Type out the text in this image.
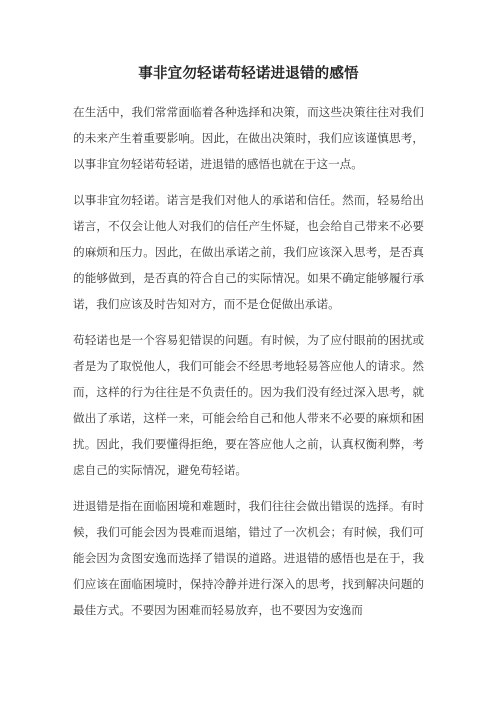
事非宜勿轻诺苟轻诺进退错的感悟

在生活中，我们常常面临着各种选择和决策，而这些决策往往对我们的未来产生着重要影响。因此，在做出决策时，我们应该谨慎思考，以事非宜勿轻诺苟轻诺，进退错的感悟也就在于这一点。

以事非宜勿轻诺。诺言是我们对他人的承诺和信任。然而，轻易给出诺言，不仅会让他人对我们的信任产生怀疑，也会给自己带来不必要的麻烦和压力。因此，在做出承诺之前，我们应该深入思考，是否真的能够做到，是否真的符合自己的实际情况。如果不确定能够履行承诺，我们应该及时告知对方，而不是仓促做出承诺。

苟轻诺也是一个容易犯错误的问题。有时候，为了应付眼前的困扰或者是为了取悦他人，我们可能会不经思考地轻易答应他人的请求。然而，这样的行为往往是不负责任的。因为我们没有经过深入思考，就做出了承诺，这样一来，可能会给自己和他人带来不必要的麻烦和困扰。因此，我们要懂得拒绝，要在答应他人之前，认真权衡利弊，考虑自己的实际情况，避免苟轻诺。

进退错是指在面临困境和难题时，我们往往会做出错误的选择。有时候，我们可能会因为畏难而退缩，错过了一次机会；有时候，我们可能会因为贪图安逸而选择了错误的道路。进退错的感悟也是在于，我们应该在面临困境时，保持冷静并进行深入的思考，找到解决问题的最佳方式。不要因为困难而轻易放弃，也不要因为安逸而
